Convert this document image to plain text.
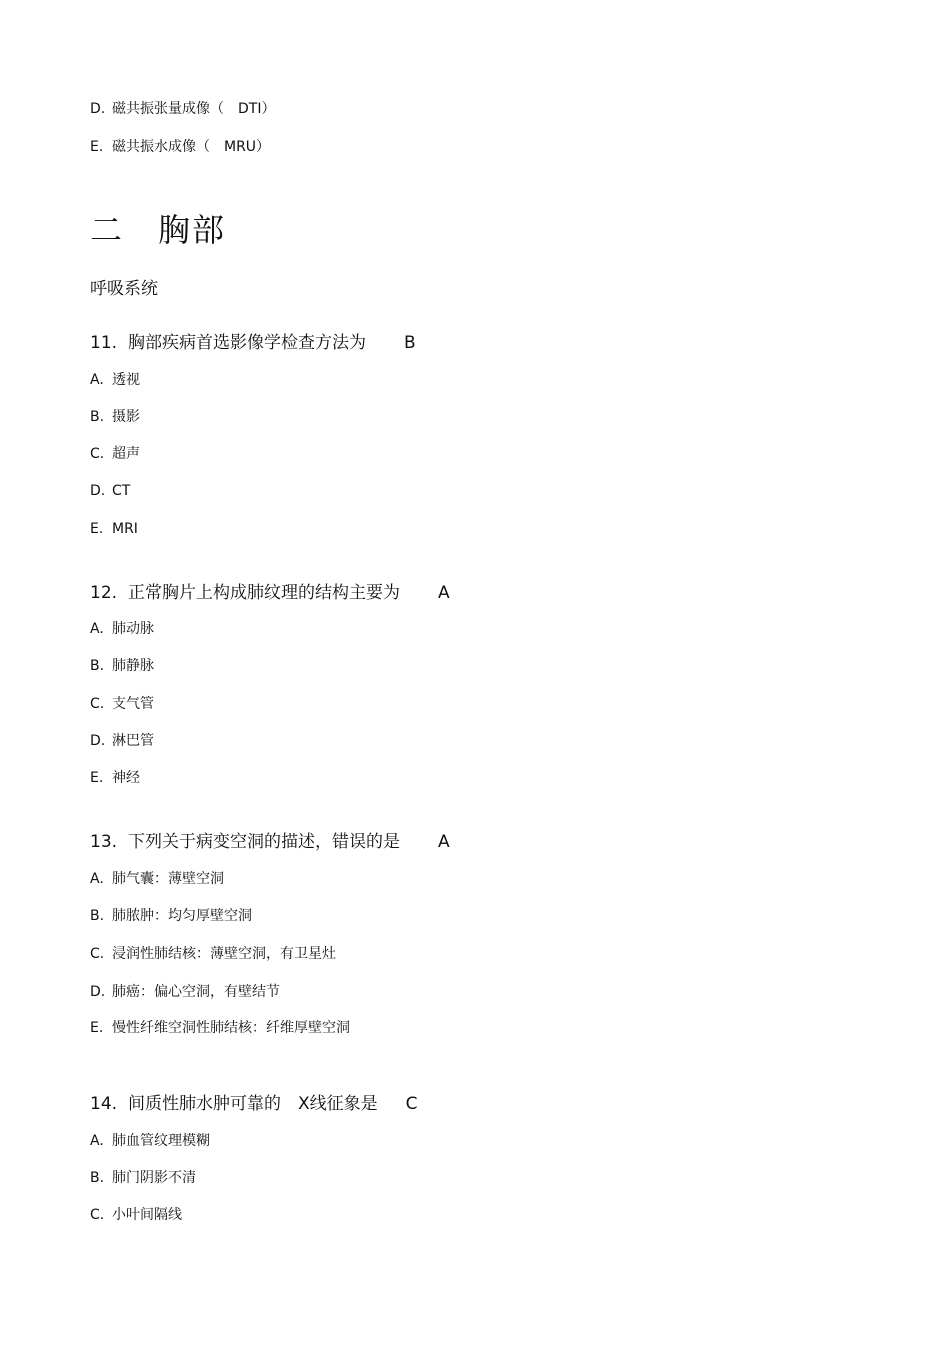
D. 磁共振张量成像（　DTI）
E. 磁共振水成像（　MRU）
二　胸部
呼吸系统
11. 胸部疾病首选影像学检查方法为 B
A. 透视
B. 摄影
C. 超声
D. CT
E. MRI
12. 正常胸片上构成肺纹理的结构主要为 A
A. 肺动脉
B. 肺静脉
C. 支气管
D. 淋巴管
E. 神经
13. 下列关于病变空洞的描述，错误的是 A
A. 肺气囊：薄壁空洞
B. 肺脓肿：均匀厚壁空洞
C. 浸润性肺结核：薄壁空洞，有卫星灶
D. 肺癌：偏心空洞，有壁结节
E. 慢性纤维空洞性肺结核：纤维厚壁空洞
14. 间质性肺水肿可靠的　X线征象是 C
A. 肺血管纹理模糊
B. 肺门阴影不清
C. 小叶间隔线
